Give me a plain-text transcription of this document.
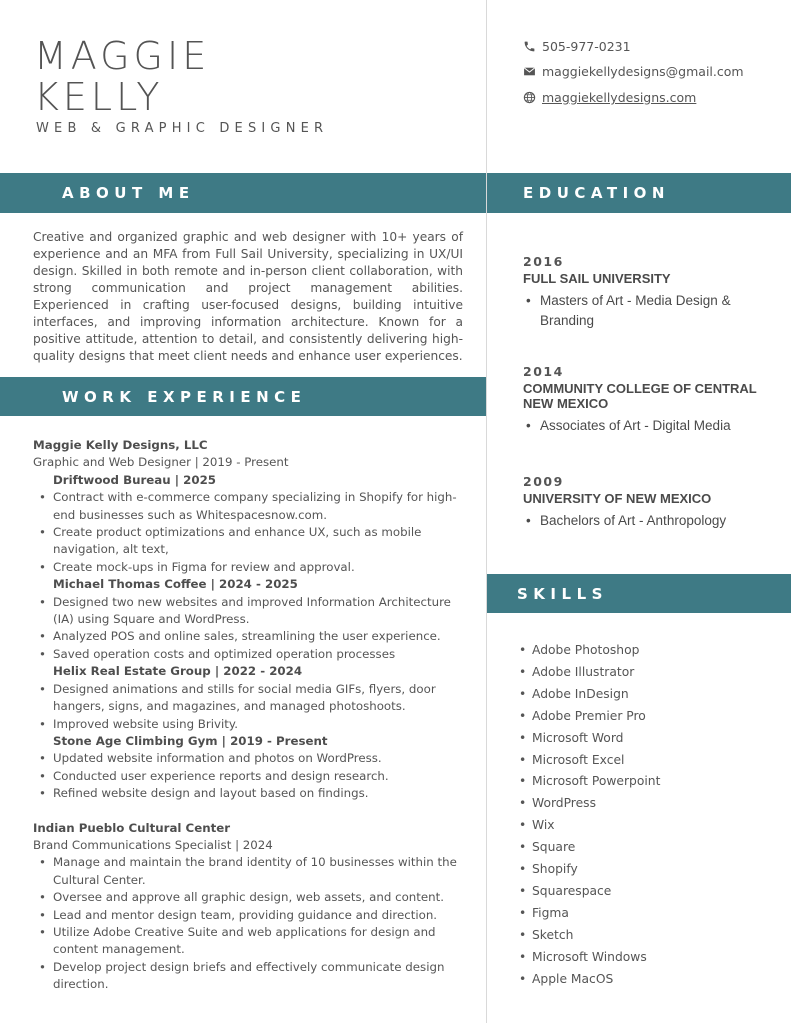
MAGGIE
KELLY
WEB & GRAPHIC DESIGNER
505-977-0231
maggiekellydesigns@gmail.com
maggiekellydesigns.com
ABOUT ME	EDUCATION
WORK EXPERIENCE
SKILLS
Creative and organized graphic and web designer with 10+ years of experience and an MFA from Full Sail University, specializing in UX/UI design. Skilled in both remote and in-person client collaboration, with strong communication and project management abilities. Experienced in crafting user-focused designs, building intuitive interfaces, and improving information architecture. Known for a positive attitude, attention to detail, and consistently delivering high-quality designs that meet client needs and enhance user experiences.
Maggie Kelly Designs, LLC
Graphic and Web Designer | 2019 - Present
Driftwood Bureau | 2025
• Contract with e-commerce company specializing in Shopify for high-end businesses such as Whitespacesnow.com.
• Create product optimizations and enhance UX, such as mobile navigation, alt text,
• Create mock-ups in Figma for review and approval.
Michael Thomas Coffee | 2024 - 2025
• Designed two new websites and improved Information Architecture (IA) using Square and WordPress.
• Analyzed POS and online sales, streamlining the user experience.
• Saved operation costs and optimized operation processes
Helix Real Estate Group | 2022 - 2024
• Designed animations and stills for social media GIFs, flyers, door hangers, signs, and magazines, and managed photoshoots.
• Improved website using Brivity.
Stone Age Climbing Gym | 2019 - Present
• Updated website information and photos on WordPress.
• Conducted user experience reports and design research.
• Refined website design and layout based on findings.
Indian Pueblo Cultural Center
Brand Communications Specialist | 2024
• Manage and maintain the brand identity of 10 businesses within the Cultural Center.
• Oversee and approve all graphic design, web assets, and content.
• Lead and mentor design team, providing guidance and direction.
• Utilize Adobe Creative Suite and web applications for design and content management.
• Develop project design briefs and effectively communicate design direction.
2016
FULL SAIL UNIVERSITY
• Masters of Art - Media Design & Branding
2014
COMMUNITY COLLEGE OF CENTRAL NEW MEXICO
• Associates of Art - Digital Media
2009
UNIVERSITY OF NEW MEXICO
• Bachelors of Art - Anthropology
• Adobe Photoshop
• Adobe Illustrator
• Adobe InDesign
• Adobe Premier Pro
• Microsoft Word
• Microsoft Excel
• Microsoft Powerpoint
• WordPress
• Wix
• Square
• Shopify
• Squarespace
• Figma
• Sketch
• Microsoft Windows
• Apple MacOS
